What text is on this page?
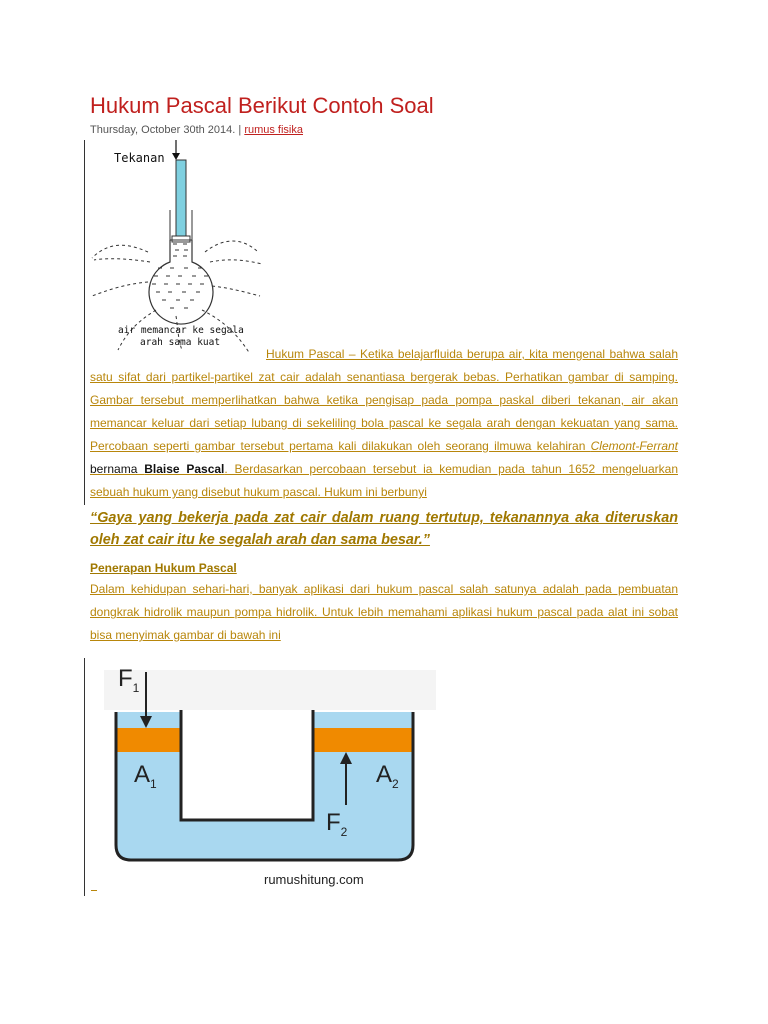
Hukum Pascal Berikut Contoh Soal
Thursday, October 30th 2014. | rumus fisika
Tekanan
air memancar ke segala
arah sama kuat
Hukum Pascal – Ketika belajarfluida berupa air, kita mengenal bahwa salah satu sifat dari partikel-partikel zat cair adalah senantiasa bergerak bebas. Perhatikan gambar di samping. Gambar tersebut memperlihatkan bahwa ketika pengisap pada pompa paskal diberi tekanan, air akan memancar keluar dari setiap lubang di sekeliling bola pascal ke segala arah dengan kekuatan yang sama. Percobaan seperti gambar tersebut pertama kali dilakukan oleh seorang ilmuwa kelahiran Clemont-Ferrant bernama Blaise Pascal. Berdasarkan percobaan tersebut ia kemudian pada tahun 1652 mengeluarkan sebuah hukum yang disebut hukum pascal. Hukum ini berbunyi
“Gaya yang bekerja pada zat cair dalam ruang tertutup, tekanannya aka diteruskan oleh zat cair itu ke segalah arah dan sama besar.”
Penerapan Hukum Pascal
Dalam kehidupan sehari-hari, banyak aplikasi dari hukum pascal salah satunya adalah pada pembuatan dongkrak hidrolik maupun pompa hidrolik. Untuk lebih memahami aplikasi hukum pascal pada alat ini sobat bisa menyimak gambar di bawah ini
$F_1$
$A_1$	$A_2$
$F_2$
rumushitung.com
